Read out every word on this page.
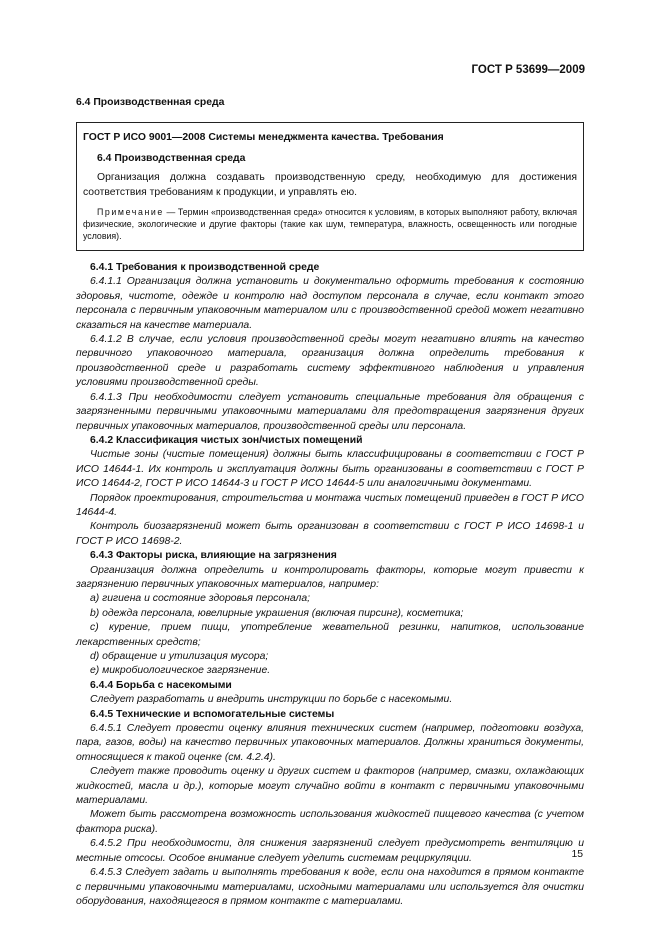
ГОСТ Р 53699—2009
6.4 Производственная среда
ГОСТ Р ИСО 9001—2008 Системы менеджмента качества. Требования
6.4 Производственная среда

Организация должна создавать производственную среду, необходимую для достижения соответствия требованиям к продукции, и управлять ею.

Примечание — Термин «производственная среда» относится к условиям, в которых выполняют работу, включая физические, экологические и другие факторы (такие как шум, температура, влажность, освещенность или погодные условия).

6.4.1 Требования к производственной среде

6.4.1.1 Организация должна установить и документально оформить требования к состоянию здоровья, чистоте, одежде и контролю над доступом персонала в случае, если контакт этого персонала с первичным упаковочным материалом или с производственной средой может негативно сказаться на качестве материала.

6.4.1.2 В случае, если условия производственной среды могут негативно влиять на качество первичного упаковочного материала, организация должна определить требования к производственной среде и разработать систему эффективного наблюдения и управления условиями производственной среды.

6.4.1.3 При необходимости следует установить специальные требования для обращения с загрязненными первичными упаковочными материалами для предотвращения загрязнения других первичных упаковочных материалов, производственной среды или персонала.

6.4.2 Классификация чистых зон/чистых помещений

Чистые зоны (чистые помещения) должны быть классифицированы в соответствии с ГОСТ Р ИСО 14644-1. Их контроль и эксплуатация должны быть организованы в соответствии с ГОСТ Р ИСО 14644-2, ГОСТ Р ИСО 14644-3 и ГОСТ Р ИСО 14644-5 или аналогичными документами.

Порядок проектирования, строительства и монтажа чистых помещений приведен в ГОСТ Р ИСО 14644-4.

Контроль биозагрязнений может быть организован в соответствии с ГОСТ Р ИСО 14698-1 и ГОСТ Р ИСО 14698-2.

6.4.3 Факторы риска, влияющие на загрязнения

Организация должна определить и контролировать факторы, которые могут привести к загрязнению первичных упаковочных материалов, например:

а) гигиена и состояние здоровья персонала;

b) одежда персонала, ювелирные украшения (включая пирсинг), косметика;

c) курение, прием пищи, употребление жевательной резинки, напитков, использование лекарственных средств;

d) обращение и утилизация мусора;

e) микробиологическое загрязнение.

6.4.4 Борьба с насекомыми

Следует разработать и внедрить инструкции по борьбе с насекомыми.

6.4.5 Технические и вспомогательные системы

6.4.5.1 Следует провести оценку влияния технических систем (например, подготовки воздуха, пара, газов, воды) на качество первичных упаковочных материалов. Должны храниться документы, относящиеся к такой оценке (см. 4.2.4).

Следует также проводить оценку и других систем и факторов (например, смазки, охлаждающих жидкостей, масла и др.), которые могут случайно войти в контакт с первичными упаковочными материалами.

Может быть рассмотрена возможность использования жидкостей пищевого качества (с учетом фактора риска).

6.4.5.2 При необходимости, для снижения загрязнений следует предусмотреть вентиляцию и местные отсосы. Особое внимание следует уделить системам рециркуляции.

6.4.5.3 Следует задать и выполнять требования к воде, если она находится в прямом контакте с первичными упаковочными материалами, исходными материалами или используется для очистки оборудования, находящегося в прямом контакте с материалами.

15
